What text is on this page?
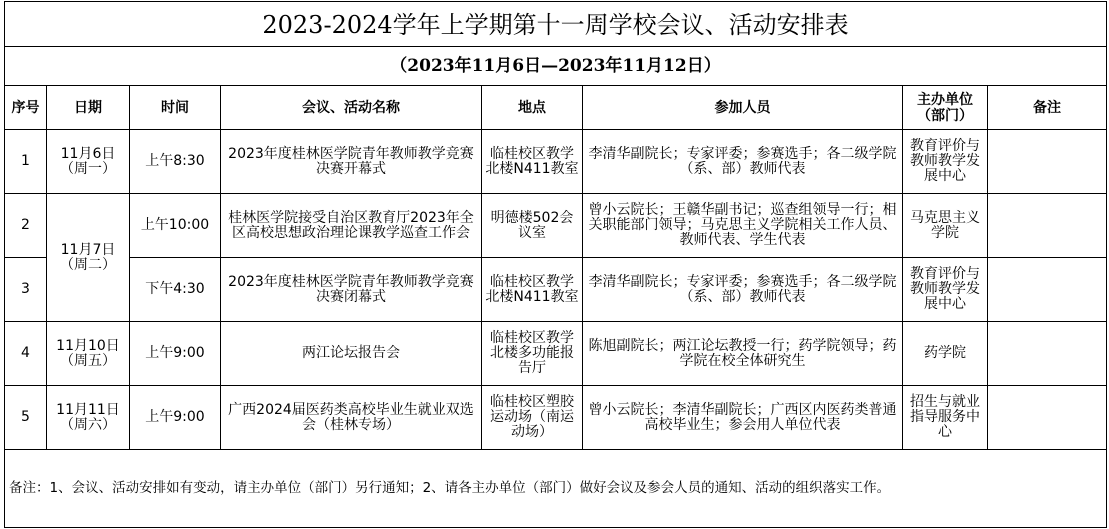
2023-2024学年上学期第十一周学校会议、活动安排表							
（2023年11月6日—2023年11月12日）							
序号	日期	时间	会议、活动名称	地点	参加人员	主办单位（部门）	备注
1	11月6日（周一）	上午8:30	2023年度桂林医学院青年教师教学竞赛决赛开幕式	临桂校区教学北楼N411教室	李清华副院长；专家评委；参赛选手；各二级学院（系、部）教师代表	教育评价与教师教学发展中心	
2	11月7日（周二）	上午10:00	桂林医学院接受自治区教育厅2023年全区高校思想政治理论课教学巡查工作会	明德楼502会议室	曾小云院长；王赣华副书记；巡查组领导一行；相关职能部门领导；马克思主义学院相关工作人员、教师代表、学生代表	马克思主义学院	
3		下午4:30	2023年度桂林医学院青年教师教学竞赛决赛闭幕式	临桂校区教学北楼N411教室	李清华副院长；专家评委；参赛选手；各二级学院（系、部）教师代表	教育评价与教师教学发展中心	
4	11月10日（周五）	上午9:00	两江论坛报告会	临桂校区教学北楼多功能报告厅	陈旭副院长；两江论坛教授一行；药学院领导；药学院在校全体研究生	药学院	
5	11月11日（周六）	上午9:00	广西2024届医药类高校毕业生就业双选会（桂林专场）	临桂校区塑胶运动场（南运动场）	曾小云院长；李清华副院长；广西区内医药类普通高校毕业生；参会用人单位代表	招生与就业指导服务中心	
备注：1、会议、活动安排如有变动，请主办单位（部门）另行通知；2、请各主办单位（部门）做好会议及参会人员的通知、活动的组织落实工作。							
